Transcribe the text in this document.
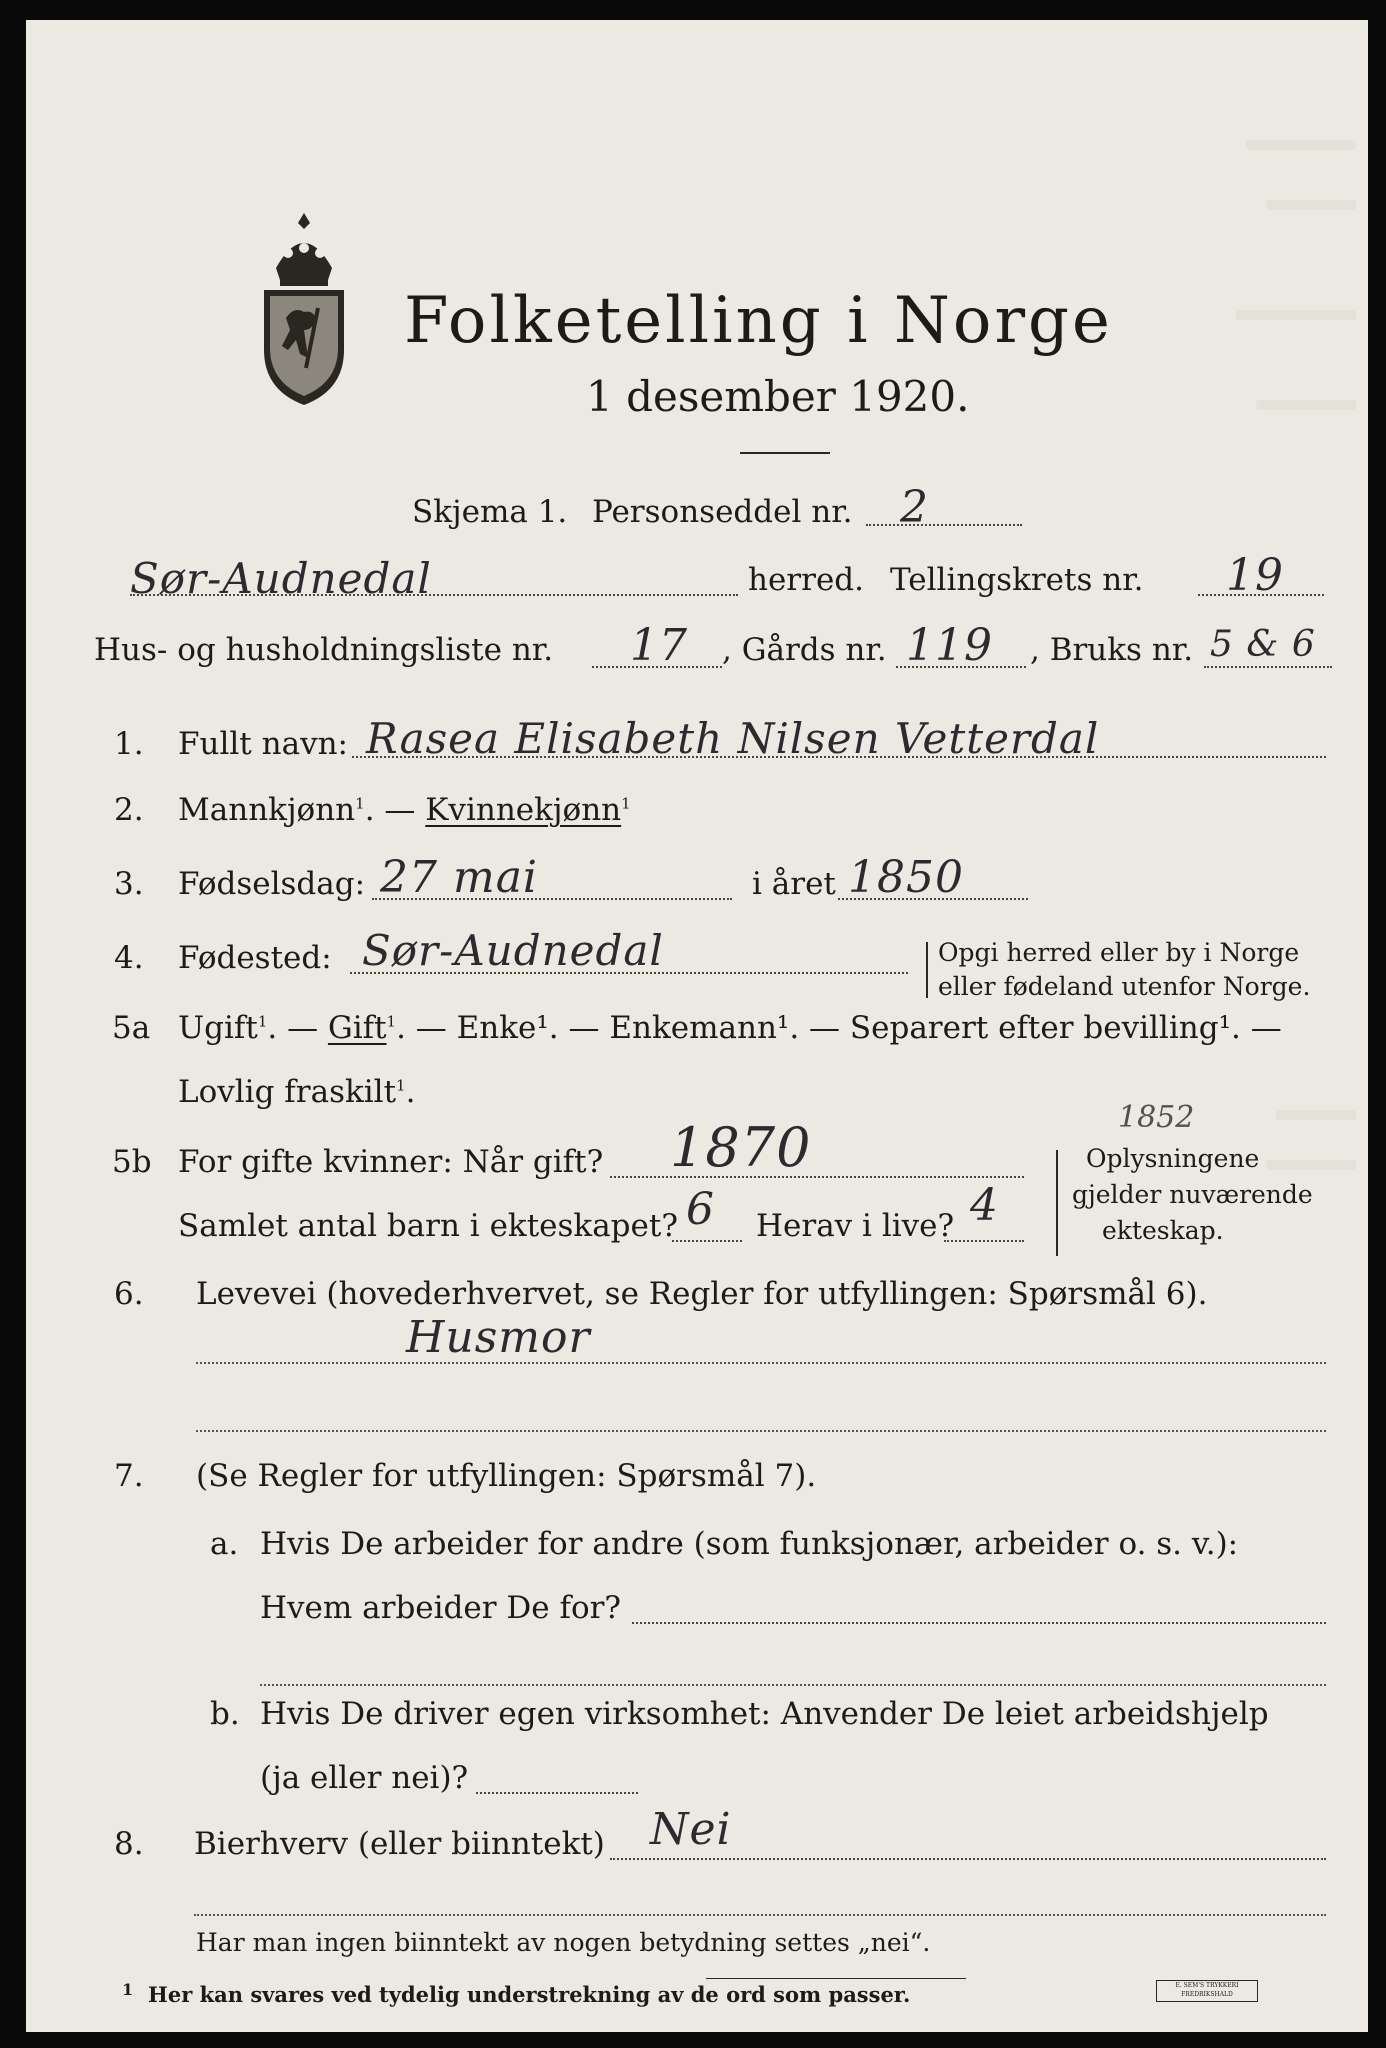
Folketelling i Norge
1 desember 1920.
Skjema 1. Personseddel nr. 2
Sør-Audnedal	herred. Tellingskrets nr. 19
Hus- og husholdningsliste nr. 17 , Gårds nr. 119 , Bruks nr. 5 & 6
1. Fullt navn: Rasea Elisabeth Nilsen Vetterdal
2. Mannkjønn$^1$. — Kvinnekjønn$^1$
3. Fødselsdag: 27 mai	i året 1850
4. Fødested: Sør-Audnedal	Opgi herred eller by i Norge
eller fødeland utenfor Norge.
5a Ugift$^1$. — Gift$^1$. — Enke¹. — Enkemann¹. — Separert efter bevilling¹. —
Lovlig fraskilt$^1$.
5b For gifte kvinner: Når gift? 1870	1852
Samlet antal barn i ekteskapet? 6 Herav i live? 4
Oplysningene
gjelder nuværende
ekteskap.
6. Levevei (hovederhvervet, se Regler for utfyllingen: Spørsmål 6).
Husmor
7. (Se Regler for utfyllingen: Spørsmål 7).
a. Hvis De arbeider for andre (som funksjonær, arbeider o. s. v.):
Hvem arbeider De for?
b. Hvis De driver egen virksomhet: Anvender De leiet arbeidshjelp
(ja eller nei)?
8. Bierhverv (eller biinntekt) Nei
Har man ingen biinntekt av nogen betydning settes „nei“.
1 Her kan svares ved tydelig understrekning av de ord som passer.	E. SEM'S TRYKKERI FREDRIKSHALD
